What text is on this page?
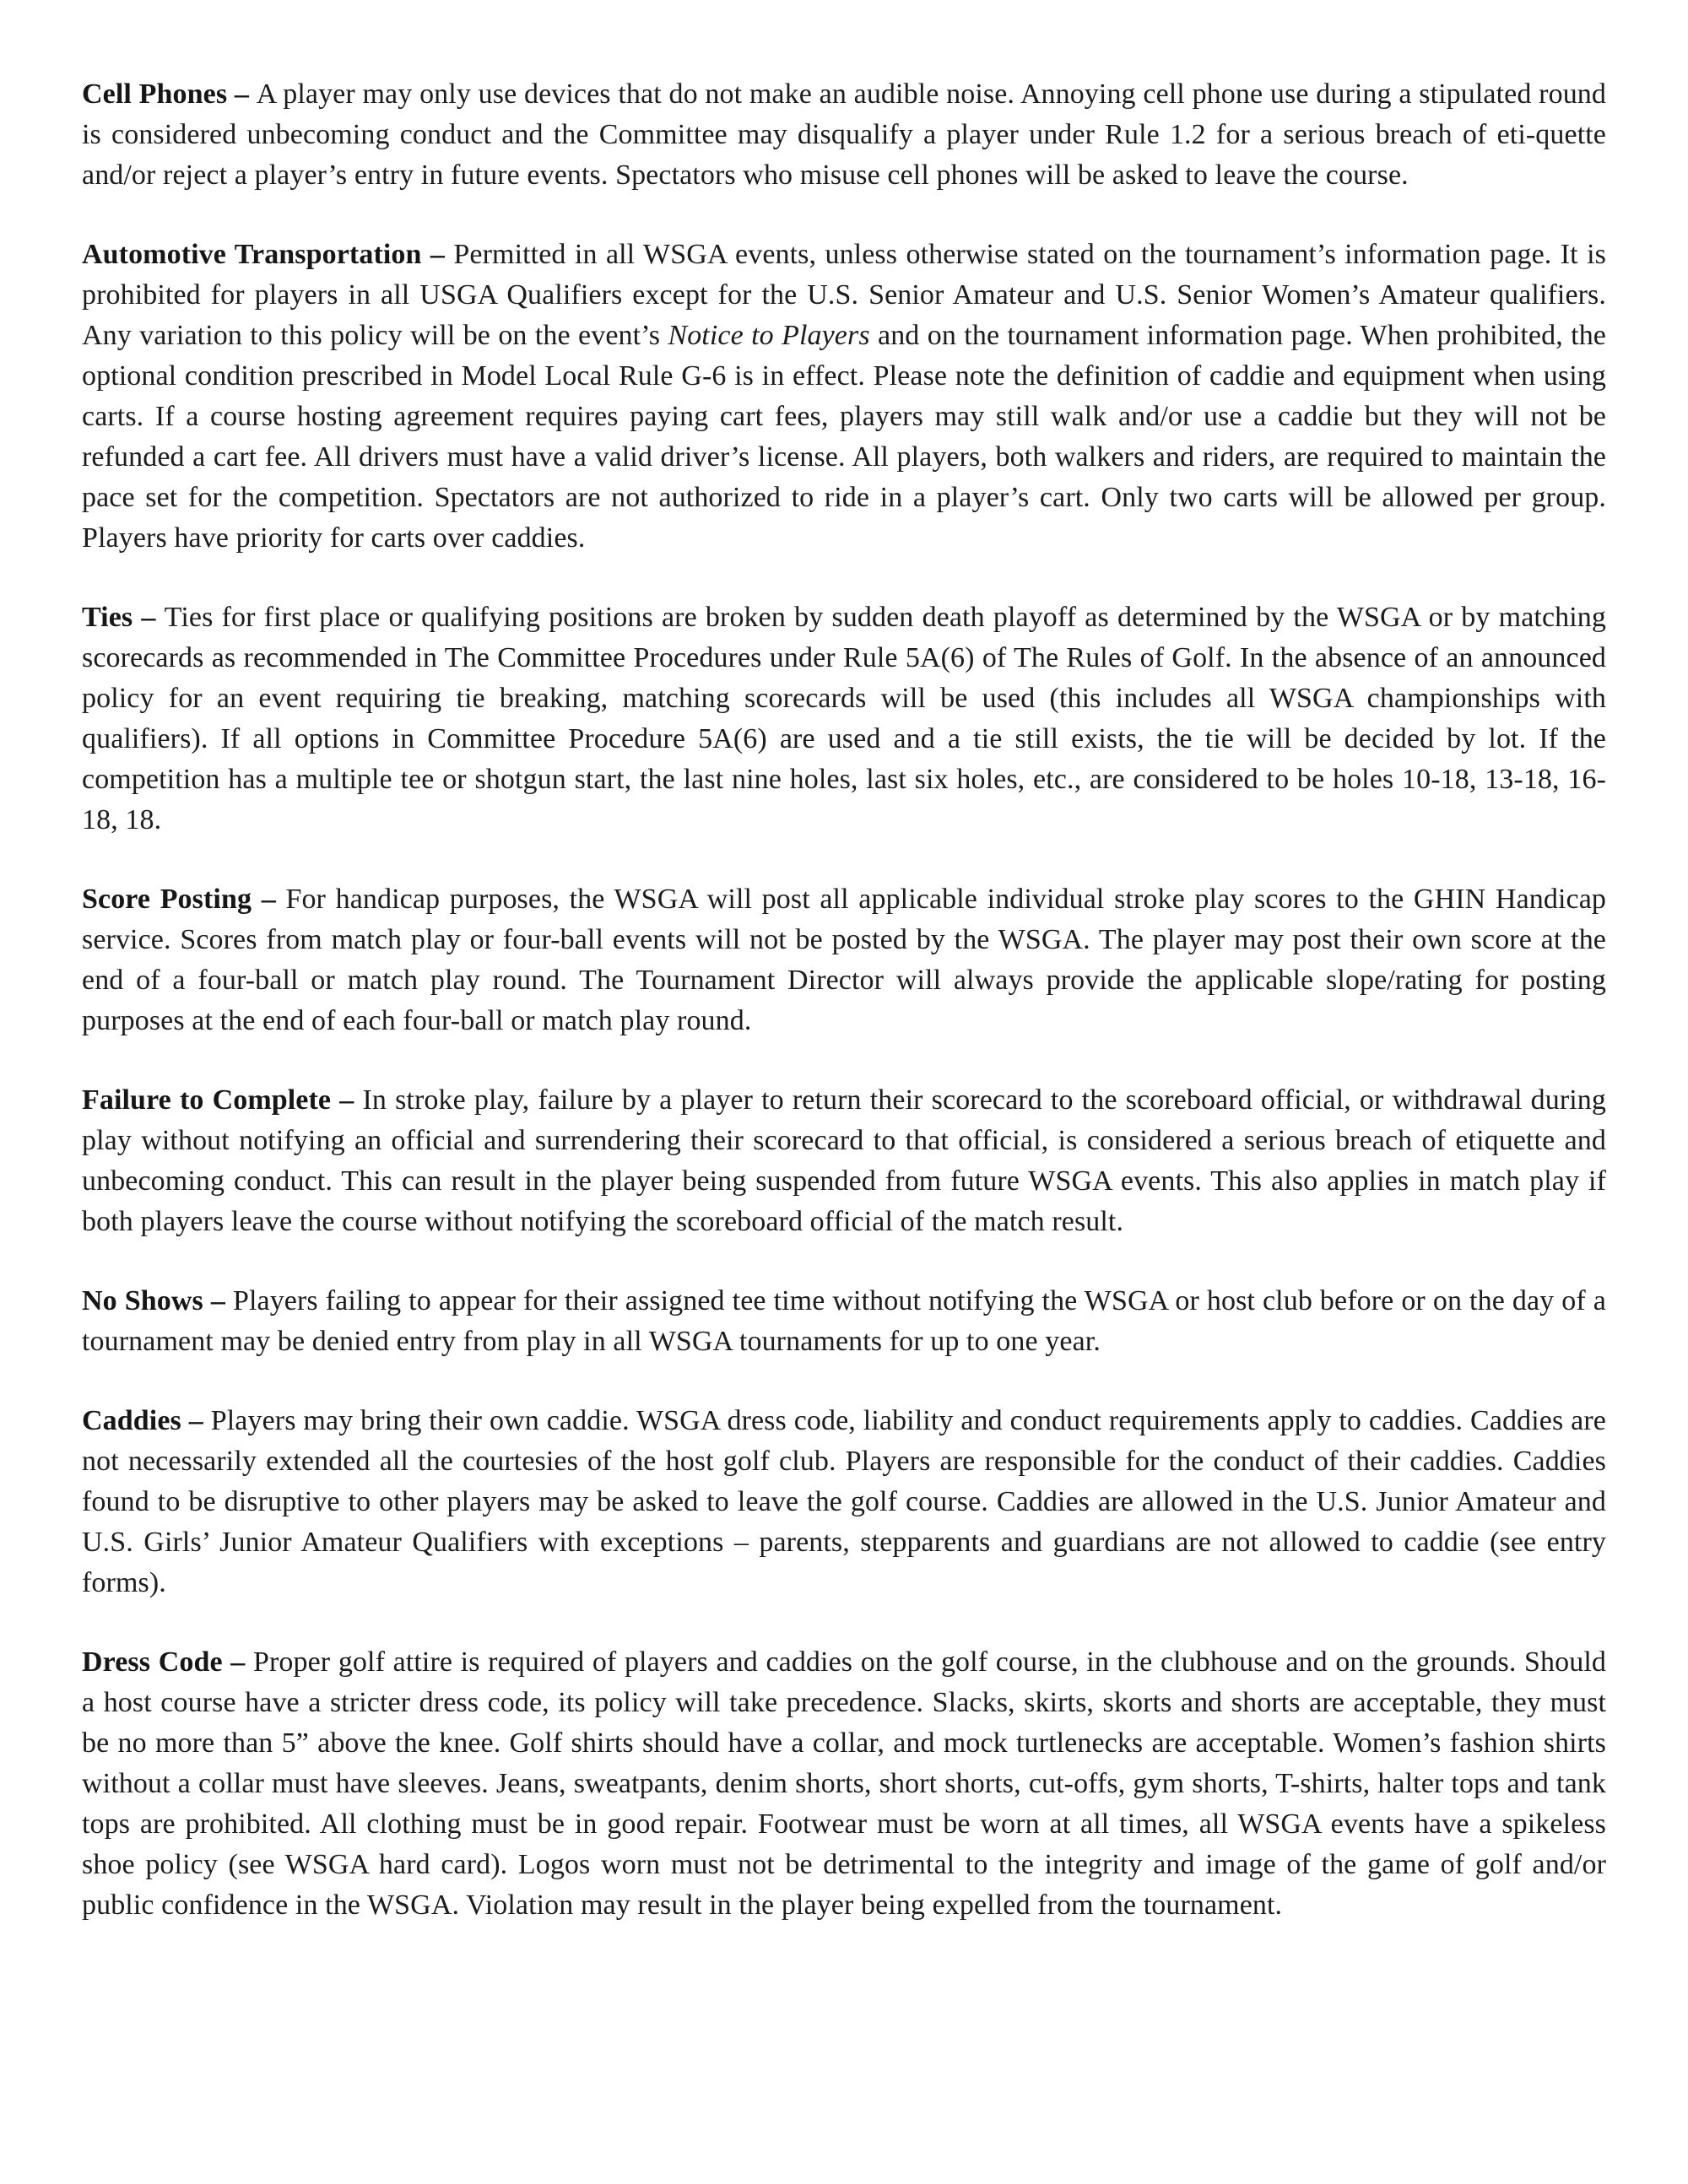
Cell Phones – A player may only use devices that do not make an audible noise. Annoying cell phone use during a stipulated round is considered unbecoming conduct and the Committee may disqualify a player under Rule 1.2 for a serious breach of eti-quette and/or reject a player’s entry in future events. Spectators who misuse cell phones will be asked to leave the course.

Automotive Transportation – Permitted in all WSGA events, unless otherwise stated on the tournament’s information page. It is prohibited for players in all USGA Qualifiers except for the U.S. Senior Amateur and U.S. Senior Women’s Amateur qualifiers. Any variation to this policy will be on the event’s Notice to Players and on the tournament information page. When prohibited, the optional condition prescribed in Model Local Rule G-6 is in effect. Please note the definition of caddie and equipment when using carts. If a course hosting agreement requires paying cart fees, players may still walk and/or use a caddie but they will not be refunded a cart fee. All drivers must have a valid driver’s license. All players, both walkers and riders, are required to maintain the pace set for the competition. Spectators are not authorized to ride in a player’s cart. Only two carts will be allowed per group. Players have priority for carts over caddies.

Ties – Ties for first place or qualifying positions are broken by sudden death playoff as determined by the WSGA or by matching scorecards as recommended in The Committee Procedures under Rule 5A(6) of The Rules of Golf. In the absence of an announced policy for an event requiring tie breaking, matching scorecards will be used (this includes all WSGA championships with qualifiers). If all options in Committee Procedure 5A(6) are used and a tie still exists, the tie will be decided by lot. If the competition has a multiple tee or shotgun start, the last nine holes, last six holes, etc., are considered to be holes 10-18, 13-18, 16-18, 18.

Score Posting – For handicap purposes, the WSGA will post all applicable individual stroke play scores to the GHIN Handicap service. Scores from match play or four-ball events will not be posted by the WSGA. The player may post their own score at the end of a four-ball or match play round. The Tournament Director will always provide the applicable slope/rating for posting purposes at the end of each four-ball or match play round.

Failure to Complete – In stroke play, failure by a player to return their scorecard to the scoreboard official, or withdrawal during play without notifying an official and surrendering their scorecard to that official, is considered a serious breach of etiquette and unbecoming conduct. This can result in the player being suspended from future WSGA events. This also applies in match play if both players leave the course without notifying the scoreboard official of the match result.

No Shows – Players failing to appear for their assigned tee time without notifying the WSGA or host club before or on the day of a tournament may be denied entry from play in all WSGA tournaments for up to one year.

Caddies – Players may bring their own caddie. WSGA dress code, liability and conduct requirements apply to caddies. Caddies are not necessarily extended all the courtesies of the host golf club. Players are responsible for the conduct of their caddies. Caddies found to be disruptive to other players may be asked to leave the golf course. Caddies are allowed in the U.S. Junior Amateur and U.S. Girls’ Junior Amateur Qualifiers with exceptions – parents, stepparents and guardians are not allowed to caddie (see entry forms).

Dress Code – Proper golf attire is required of players and caddies on the golf course, in the clubhouse and on the grounds. Should a host course have a stricter dress code, its policy will take precedence. Slacks, skirts, skorts and shorts are acceptable, they must be no more than 5” above the knee. Golf shirts should have a collar, and mock turtlenecks are acceptable. Women’s fashion shirts without a collar must have sleeves. Jeans, sweatpants, denim shorts, short shorts, cut-offs, gym shorts, T-shirts, halter tops and tank tops are prohibited. All clothing must be in good repair. Footwear must be worn at all times, all WSGA events have a spikeless shoe policy (see WSGA hard card). Logos worn must not be detrimental to the integrity and image of the game of golf and/or public confidence in the WSGA. Violation may result in the player being expelled from the tournament.
